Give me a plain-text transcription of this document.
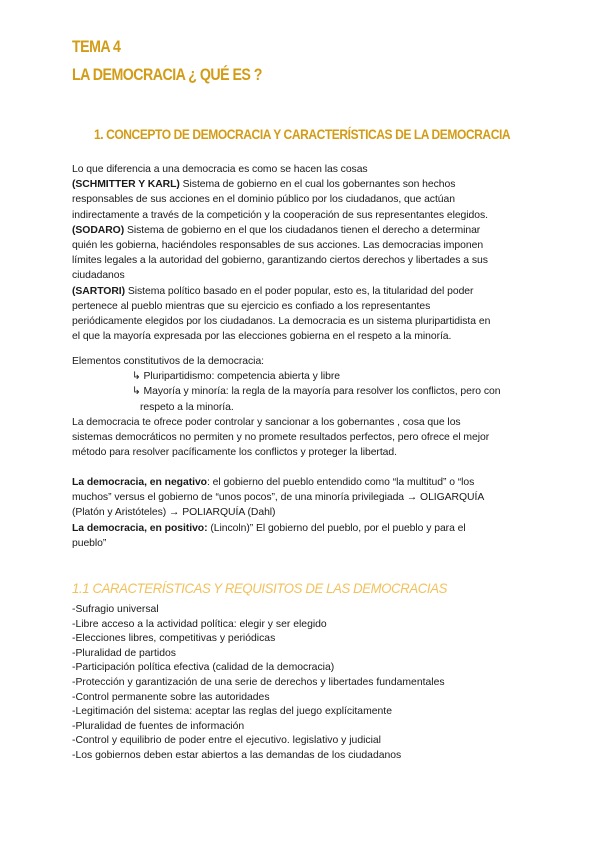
TEMA 4
LA DEMOCRACIA ¿ QUÉ ES ?
1. CONCEPTO DE DEMOCRACIA Y CARACTERÍSTICAS DE LA DEMOCRACIA
Lo que diferencia a una democracia es como se hacen las cosas
(SCHMITTER Y KARL) Sistema de gobierno en el cual los gobernantes son hechos
responsables de sus acciones en el dominio público por los ciudadanos, que actúan
indirectamente a través de la competición y la cooperación de sus representantes elegidos.
(SODARO) Sistema de gobierno en el que los ciudadanos tienen el derecho a determinar
quién les gobierna, haciéndoles responsables de sus acciones. Las democracias imponen
límites legales a la autoridad del gobierno, garantizando ciertos derechos y libertades a sus
ciudadanos
(SARTORI) Sistema político basado en el poder popular, esto es, la titularidad del poder
pertenece al pueblo mientras que su ejercicio es confiado a los representantes
periódicamente elegidos por los ciudadanos. La democracia es un sistema pluripartidista en
el que la mayoría expresada por las elecciones gobierna en el respeto a la minoría.
Elementos constitutivos de la democracia:
↳ Pluripartidismo: competencia abierta y libre
↳ Mayoría y minoría: la regla de la mayoría para resolver los conflictos, pero con
respeto a la minoría.
La democracia te ofrece poder controlar y sancionar a los gobernantes , cosa que los
sistemas democráticos no permiten y no promete resultados perfectos, pero ofrece el mejor
método para resolver pacíficamente los conflictos y proteger la libertad.
La democracia, en negativo: el gobierno del pueblo entendido como “la multitud” o “los
muchos” versus el gobierno de “unos pocos”, de una minoría privilegiada → OLIGARQUÍA
(Platón y Aristóteles) → POLIARQUÍA (Dahl)
La democracia, en positivo: (Lincoln)” El gobierno del pueblo, por el pueblo y para el
pueblo”
1.1 CARACTERÍSTICAS Y REQUISITOS DE LAS DEMOCRACIAS
-Sufragio universal
-Libre acceso a la actividad política: elegir y ser elegido
-Elecciones libres, competitivas y periódicas
-Pluralidad de partidos
-Participación política efectiva (calidad de la democracia)
-Protección y garantización de una serie de derechos y libertades fundamentales
-Control permanente sobre las autoridades
-Legitimación del sistema: aceptar las reglas del juego explícitamente
-Pluralidad de fuentes de información
-Control y equilibrio de poder entre el ejecutivo. legislativo y judicial
-Los gobiernos deben estar abiertos a las demandas de los ciudadanos
